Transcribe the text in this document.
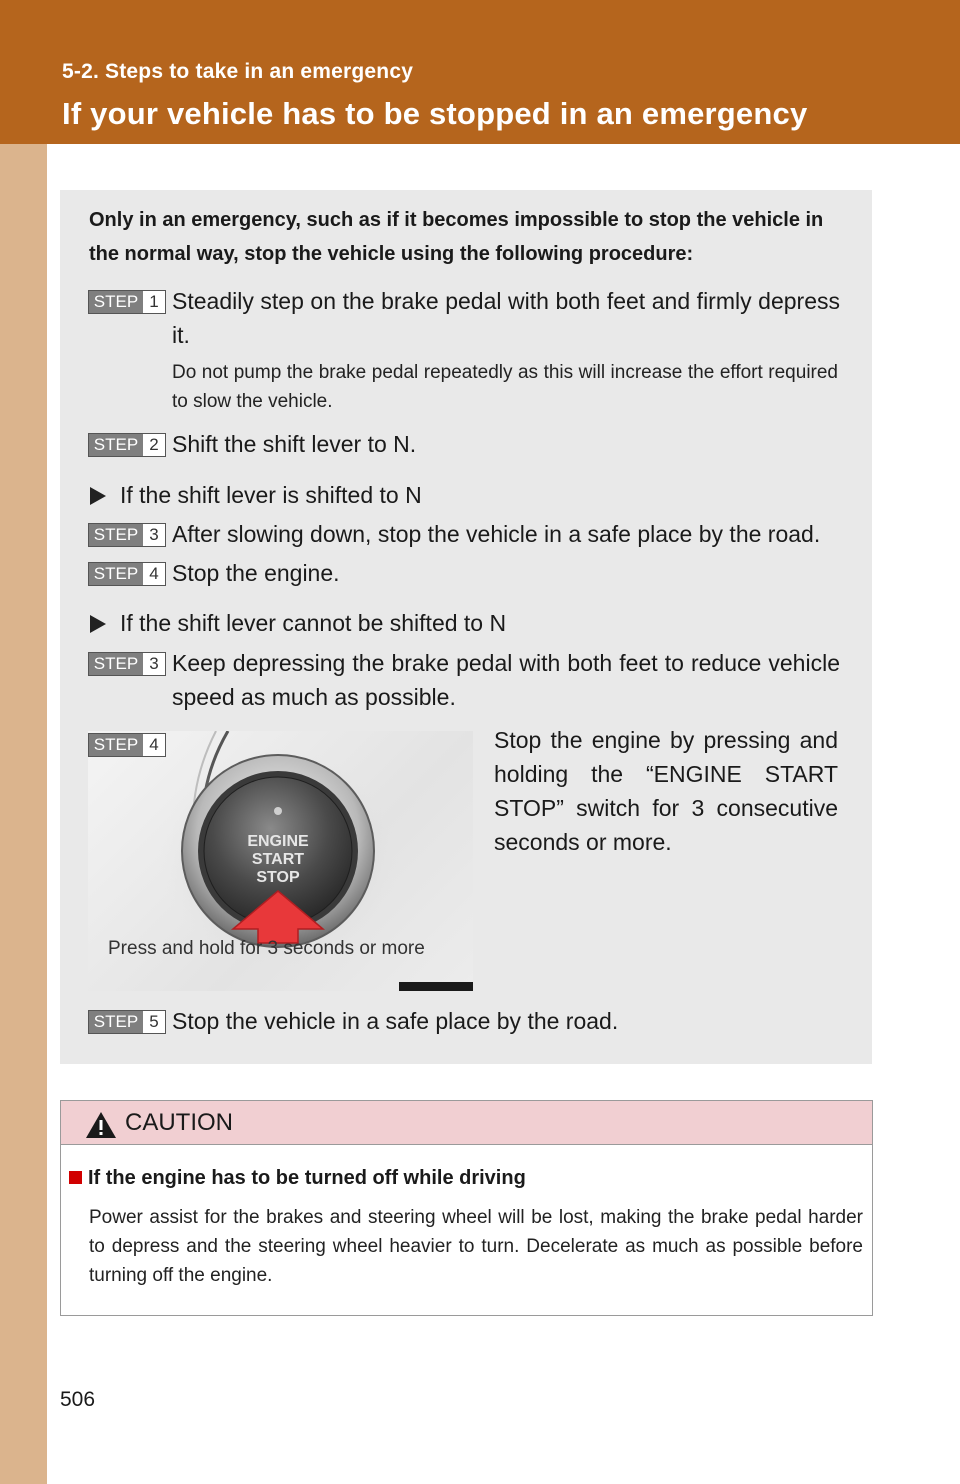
5-2. Steps to take in an emergency
If your vehicle has to be stopped in an emergency
Only in an emergency, such as if it becomes impossible to stop the vehicle in the normal way, stop the vehicle using the following procedure:
STEP 1 Steadily step on the brake pedal with both feet and firmly depress it.
Do not pump the brake pedal repeatedly as this will increase the effort required to slow the vehicle.
STEP 2 Shift the shift lever to N.
If the shift lever is shifted to N
STEP 3 After slowing down, stop the vehicle in a safe place by the road.
STEP 4 Stop the engine.
If the shift lever cannot be shifted to N
STEP 3 Keep depressing the brake pedal with both feet to reduce vehicle speed as much as possible.
ENGINE
START
STOP
Press and hold for 3 seconds or more
STEP 4	Stop the engine by pressing and holding the “ENGINE START STOP” switch for 3 consecutive seconds or more.
STEP 5 Stop the vehicle in a safe place by the road.
CAUTION
If the engine has to be turned off while driving
Power assist for the brakes and steering wheel will be lost, making the brake pedal harder to depress and the steering wheel heavier to turn. Decelerate as much as possible before turning off the engine.
506
